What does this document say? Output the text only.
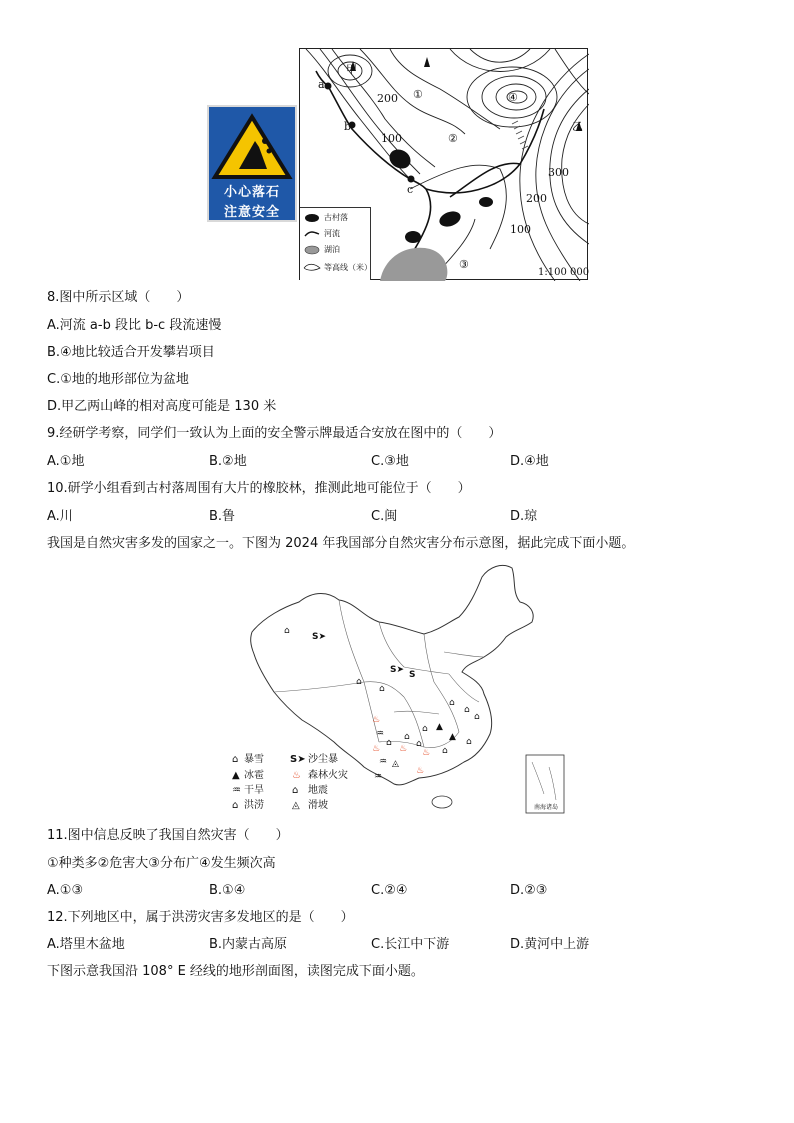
小心落石
注意安全
甲
乙
a
b
c
①
②
③
④
200
100
300
200
100
1:100 000
古村落
河流
湖泊
等高线（米）
8.图中所示区域（　　）
A.河流 a-b 段比 b-c 段流速慢
B.④地比较适合开发攀岩项目
C.①地的地形部位为盆地
D.甲乙两山峰的相对高度可能是 130 米
9.经研学考察，同学们一致认为上面的安全警示牌最适合安放在图中的（　　）
A.①地	B.②地	C.③地	D.④地
10.研学小组看到古村落周围有大片的橡胶林，推测此地可能位于（　　）
A.川	B.鲁	C.闽	D.琼
我国是自然灾害多发的国家之一。下图为 2024 年我国部分自然灾害分布示意图，据此完成下面小题。
⌂
S➤
S➤ S
⌂
⌂
⌂
⌂
⌂
♨
♒ ⌂
⌂ ▲
▲ ⌂
⌂	⌂
♨
♨	♨ ⌂
♒ ◬
♨
♒
⌂ 暴雪	S➤ 沙尘暴
▲ 冰雹	♨ 森林火灾
♒ 干旱	⌂ 地震
⌂ 洪涝	◬ 滑坡	南海诸岛
11.图中信息反映了我国自然灾害（　　）
①种类多②危害大③分布广④发生频次高
A.①③	B.①④	C.②④	D.②③
12.下列地区中，属于洪涝灾害多发地区的是（　　）
A.塔里木盆地	B.内蒙古高原	C.长江中下游	D.黄河中上游
下图示意我国沿 108° E 经线的地形剖面图，读图完成下面小题。
